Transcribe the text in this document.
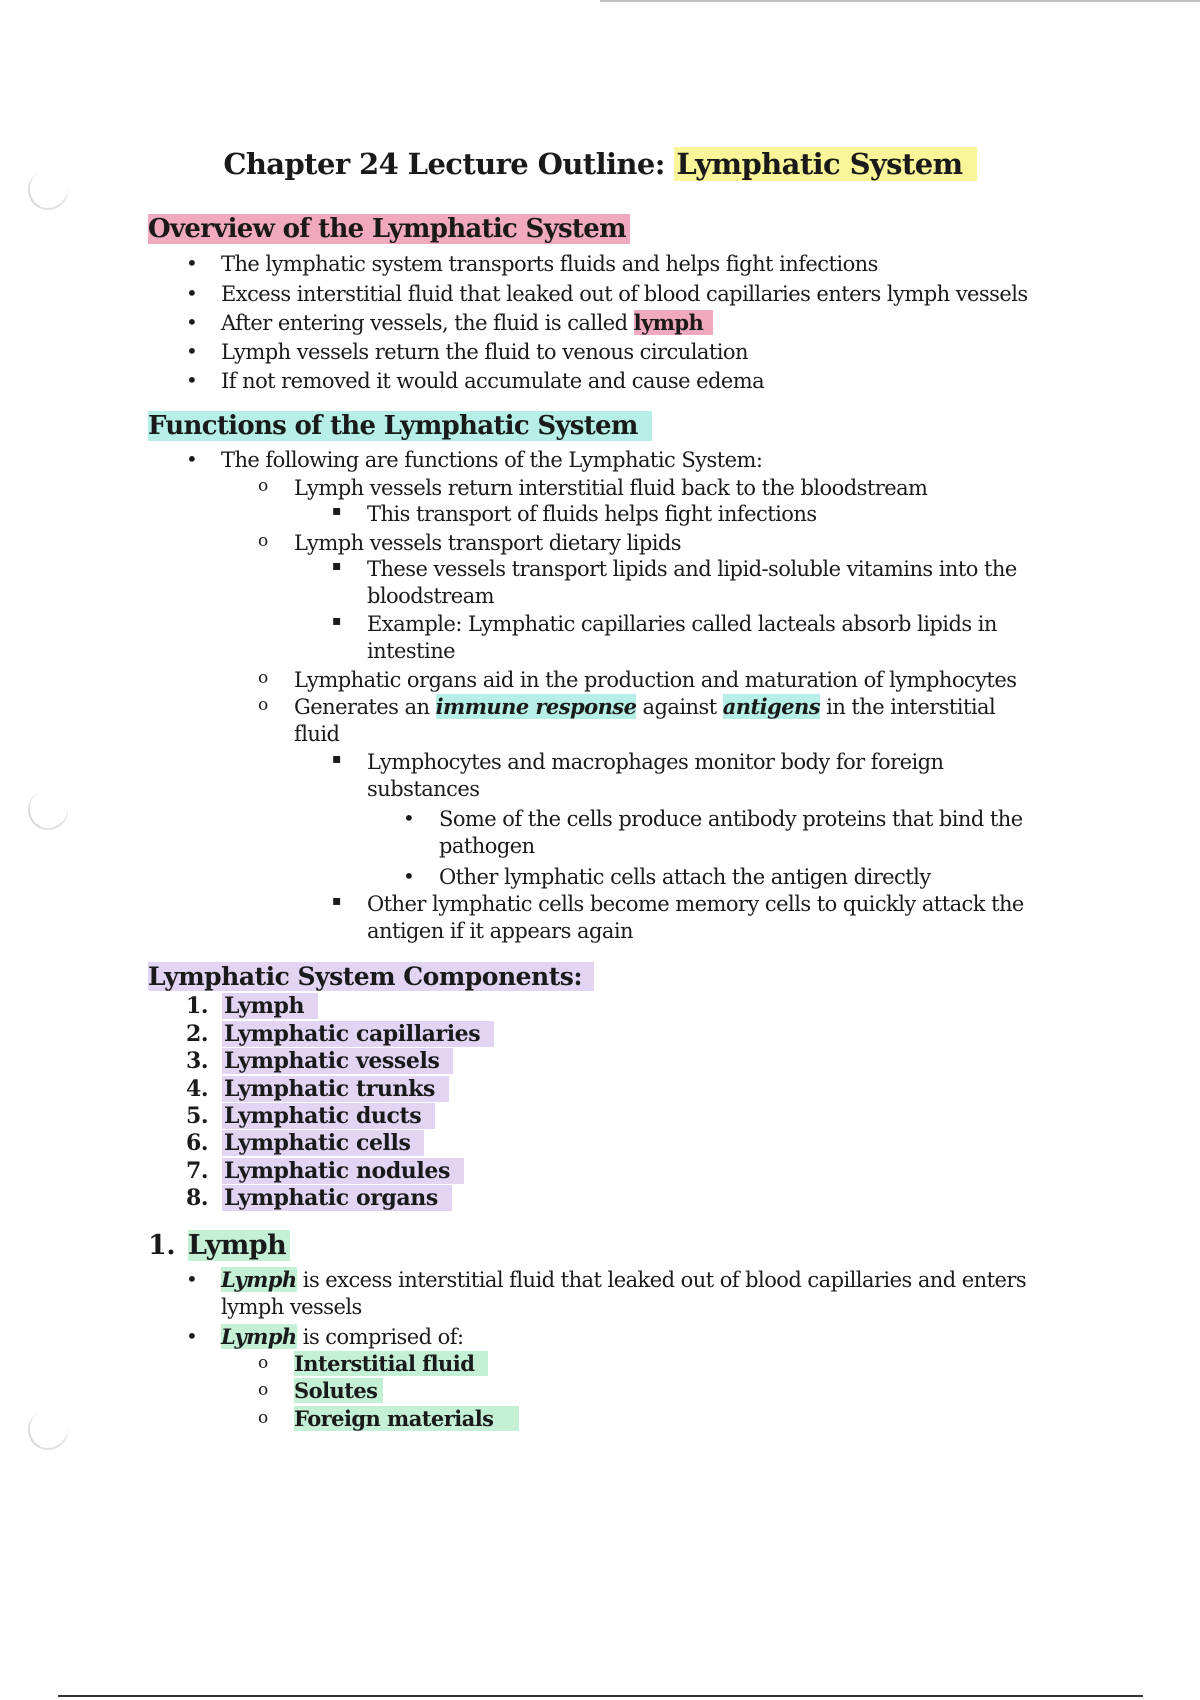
Chapter 24 Lecture Outline: Lymphatic System
Overview of the Lymphatic System
• The lymphatic system transports fluids and helps fight infections
• Excess interstitial fluid that leaked out of blood capillaries enters lymph vessels
• After entering vessels, the fluid is called lymph
• Lymph vessels return the fluid to venous circulation
• If not removed it would accumulate and cause edema
Functions of the Lymphatic System
• The following are functions of the Lymphatic System:
o Lymph vessels return interstitial fluid back to the bloodstream
▪ This transport of fluids helps fight infections
o Lymph vessels transport dietary lipids
▪ These vessels transport lipids and lipid-soluble vitamins into the
bloodstream
▪ Example: Lymphatic capillaries called lacteals absorb lipids in
intestine
o Lymphatic organs aid in the production and maturation of lymphocytes
o Generates an immune response against antigens in the interstitial
fluid
▪ Lymphocytes and macrophages monitor body for foreign
substances
• Some of the cells produce antibody proteins that bind the
pathogen
• Other lymphatic cells attach the antigen directly
▪ Other lymphatic cells become memory cells to quickly attack the
antigen if it appears again
Lymphatic System Components:
1. Lymph
2. Lymphatic capillaries
3. Lymphatic vessels
4. Lymphatic trunks
5. Lymphatic ducts
6. Lymphatic cells
7. Lymphatic nodules
8. Lymphatic organs
1. Lymph
• Lymph is excess interstitial fluid that leaked out of blood capillaries and enters
lymph vessels
• Lymph is comprised of:
o Interstitial fluid
o Solutes
o Foreign materials
